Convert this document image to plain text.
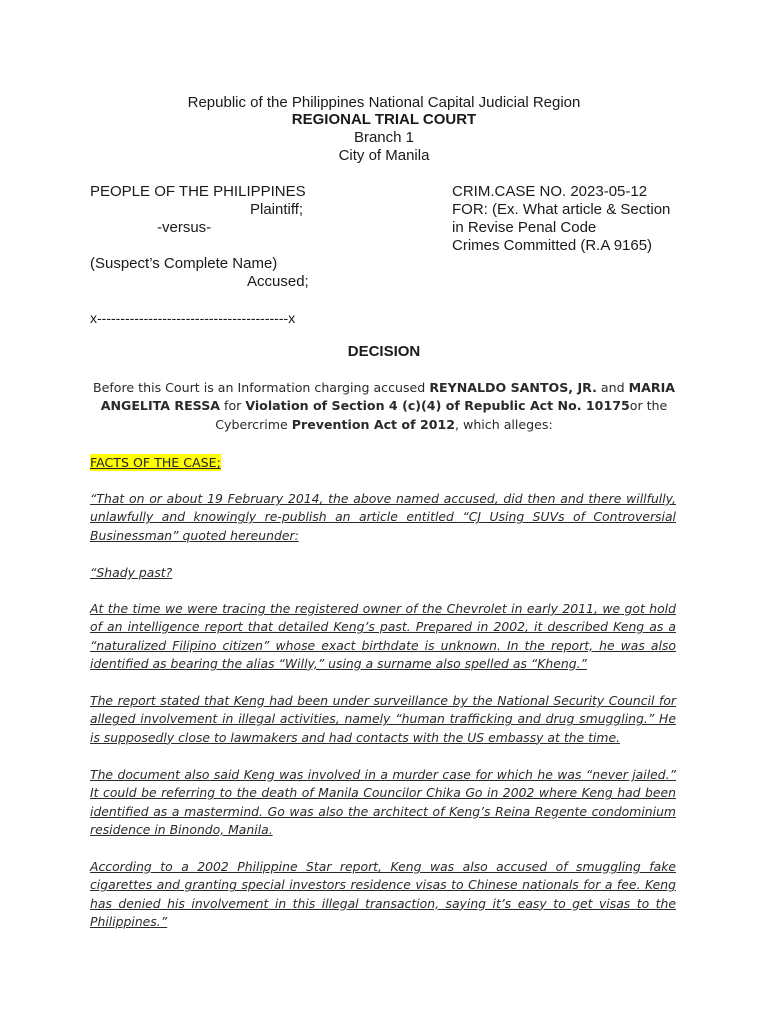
Republic of the Philippines National Capital Judicial Region
REGIONAL TRIAL COURT
Branch 1
City of Manila
PEOPLE OF THE PHILIPPINES
Plaintiff;
-versus-
(Suspect’s Complete Name)
Accused;
x-----------------------------------------x
CRIM.CASE NO. 2023-05-12
FOR: (Ex. What article & Section
in Revise Penal Code
Crimes Committed (R.A 9165)
DECISION
Before this Court is an Information charging accused REYNALDO SANTOS, JR. and MARIA ANGELITA RESSA for Violation of Section 4 (c)(4) of Republic Act No. 10175or the Cybercrime Prevention Act of 2012, which alleges:
FACTS OF THE CASE;
“That on or about 19 February 2014, the above named accused, did then and there willfully, unlawfully and knowingly re-publish an article entitled “CJ Using SUVs of Controversial Businessman” quoted hereunder:
“Shady past?
At the time we were tracing the registered owner of the Chevrolet in early 2011, we got hold of an intelligence report that detailed Keng’s past. Prepared in 2002, it described Keng as a “naturalized Filipino citizen” whose exact birthdate is unknown. In the report, he was also identified as bearing the alias “Willy,” using a surname also spelled as “Kheng.”
The report stated that Keng had been under surveillance by the National Security Council for alleged involvement in illegal activities, namely “human trafficking and drug smuggling.” He is supposedly close to lawmakers and had contacts with the US embassy at the time.
The document also said Keng was involved in a murder case for which he was “never jailed.” It could be referring to the death of Manila Councilor Chika Go in 2002 where Keng had been identified as a mastermind. Go was also the architect of Keng’s Reina Regente condominium residence in Binondo, Manila.
According to a 2002 Philippine Star report, Keng was also accused of smuggling fake cigarettes and granting special investors residence visas to Chinese nationals for a fee. Keng has denied his involvement in this illegal transaction, saying it’s easy to get visas to the Philippines.”
